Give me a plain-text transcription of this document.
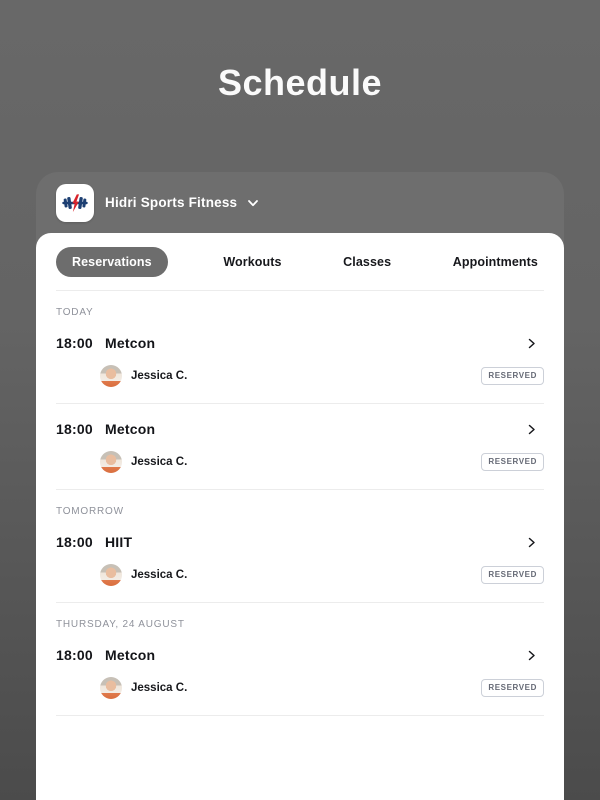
Schedule
Hidri Sports Fitness
Reservations	Workouts	Classes	Appointments
TODAY
18:00 Metcon
Jessica C.	RESERVED
18:00 Metcon
Jessica C.	RESERVED
TOMORROW
18:00 HIIT
Jessica C.	RESERVED
THURSDAY, 24 AUGUST
18:00 Metcon
Jessica C.	RESERVED
